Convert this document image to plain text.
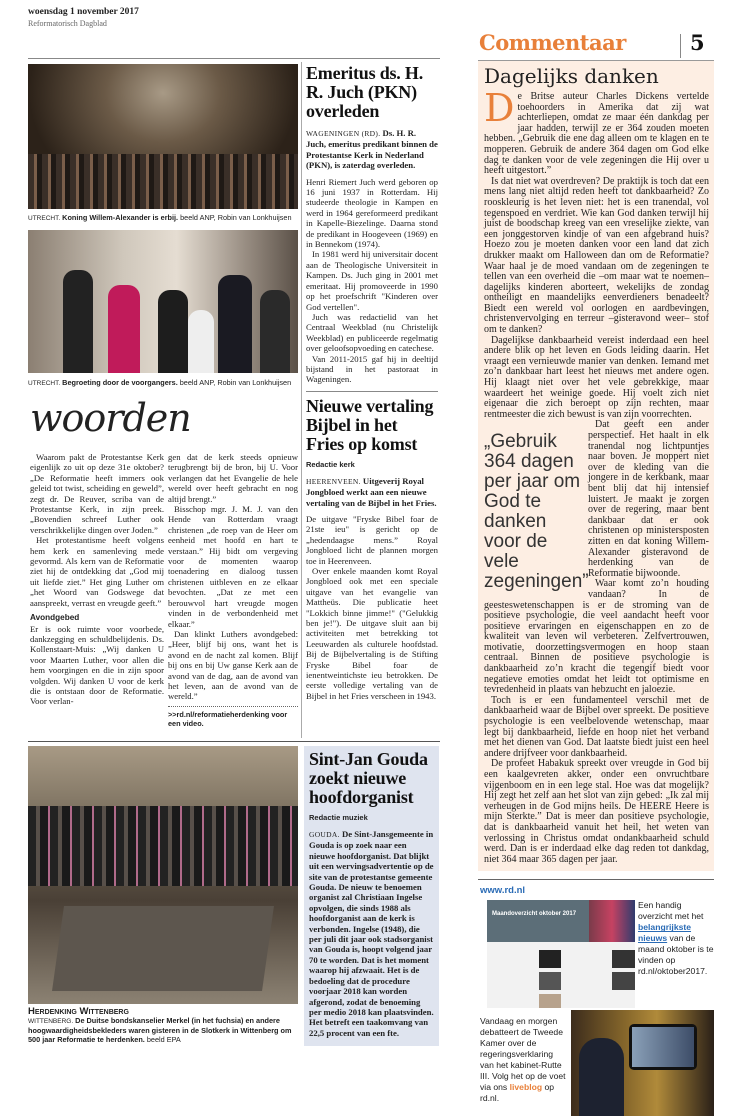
woensdag 1 november 2017
Reformatorisch Dagblad
UTRECHT. Koning Willem-Alexander is erbij. beeld ANP, Robin van Lonkhuijsen
UTRECHT. Begroeting door de voorgangers. beeld ANP, Robin van Lonkhuijsen
woorden

Waarom pakt de Protestantse Kerk eigenlijk zo uit op deze 31e oktober? „De Reformatie heeft immers ook geleid tot twist, scheiding en geweld”, zegt dr. De Reuver, scriba van de Protestantse Kerk, in zijn preek. „Bovendien schreef Luther ook verschrikkelijke dingen over Joden.”

Het protestantisme heeft volgens hem kerk en samenleving mede gevormd. Als kern van de Reformatie ziet hij de ontdekking dat „God mij uit liefde ziet.” Het ging Luther om „het Woord van Godswege dat aanspreekt, verrast en vreugde geeft.”

Avondgebed

Er is ook ruimte voor voorbede, dankzegging en schuldbelijdenis. Ds. Kollenstaart-Muis: „Wij danken U voor Maarten Luther, voor allen die hem voorgingen en die in zijn spoor volgden. Wij danken U voor de kerk die is ontstaan door de Reformatie. Voor verlan-

gen dat de kerk steeds opnieuw terugbrengt bij de bron, bij U. Voor verlangen dat het Evangelie de hele wereld over heeft gebracht en nog altijd brengt.”

Bisschop mgr. J. M. J. van den Hende van Rotterdam vraagt christenen „de roep van de Heer om eenheid met hoofd en hart te verstaan.” Hij bidt om vergeving voor de momenten waarop toenadering en dialoog tussen christenen uitbleven en ze elkaar bevochten. „Dat ze met een berouwvol hart vreugde mogen vinden in de verbondenheid met elkaar.”

Dan klinkt Luthers avondgebed: „Heer, blijf bij ons, want het is avond en de nacht zal komen. Blijf bij ons en bij Uw ganse Kerk aan de avond van de dag, aan de avond van het leven, aan de avond van de wereld.”

>>rd.nl/reformatieherdenking voor een video.
Emeritus ds. H. R. Juch (PKN) overleden
WAGENINGEN (RD). Ds. H. R. Juch, emeritus predikant binnen de Protestantse Kerk in Nederland (PKN), is zaterdag overleden.

Henri Riemert Juch werd geboren op 16 juni 1937 in Rotterdam. Hij studeerde theologie in Kampen en werd in 1964 gereformeerd predikant in Kapelle-Biezelinge. Daarna stond de predikant in Hoogeveen (1969) en in Bennekom (1974).

In 1981 werd hij universitair docent aan de Theologische Universiteit in Kampen. Ds. Juch ging in 2001 met emeritaat. Hij promoveerde in 1990 op het proefschrift "Kinderen over God vertellen".

Juch was redactielid van het Centraal Weekblad (nu Christelijk Weekblad) en publiceerde regelmatig over geloofsopvoeding en catechese.

Van 2011-2015 gaf hij in deeltijd bijstand in het pastoraat in Wageningen.

Nieuwe vertaling Bijbel in het Fries op komst
Redactie kerk
HEERENVEEN. Uitgeverij Royal Jongbloed werkt aan een nieuwe vertaling van de Bijbel in het Fries.

De uitgave "Fryske Bibel foar de 21ste ieu" is gericht op de „hedendaagse mens.” Royal Jongbloed licht de plannen morgen toe in Heerenveen.

Over enkele maanden komt Royal Jongbloed ook met een speciale uitgave van het evangelie van Mattheüs. Die publicatie heet "Lokkich binne jimme!" ("Gelukkig ben je!"). De uitgave sluit aan bij activiteiten met betrekking tot Leeuwarden als culturele hoofdstad. Bij de Bijbelvertaling is de Stifting Fryske Bibel foar de ienentweintichste ieu betrokken. De eerste volledige vertaling van de Bijbel in het Fries verscheen in 1943.

Herdenking Wittenberg
WITTENBERG. De Duitse bondskanselier Merkel (in het fuchsia) en andere hoogwaardigheidsbekleders waren gisteren in de Slotkerk in Wittenberg om 500 jaar Reformatie te herdenken. beeld EPA
Sint-Jan Gouda zoekt nieuwe hoofdorganist
Redactie muziek
GOUDA. De Sint-Jansgemeente in Gouda is op zoek naar een nieuwe hoofdorganist. Dat blijkt uit een wervingsadvertentie op de site van de protestantse gemeente Gouda. De nieuw te benoemen organist zal Christiaan Ingelse opvolgen, die sinds 1988 als hoofdorganist aan de kerk is verbonden. Ingelse (1948), die per juli dit jaar ook stadsorganist van Gouda is, hoopt volgend jaar 70 te worden. Dat is het moment waarop hij afzwaait. Het is de bedoeling dat de procedure voorjaar 2018 kan worden afgerond, zodat de benoeming per medio 2018 kan plaatsvinden. Het betreft een taakomvang van 22,5 procent van een fte.
Commentaar	5
Dagelijks danken
D e Britse auteur Charles Dickens vertelde toehoorders in Amerika dat zij wat achterliepen, omdat ze maar één dankdag per jaar hadden, terwijl ze er 364 zouden moeten hebben. „Gebruik die ene dag alleen om te klagen en te mopperen. Gebruik de andere 364 dagen om God elke dag te danken voor de vele zegeningen die Hij over u heeft uitgestort.”

Is dat niet wat overdreven? De praktijk is toch dat een mens lang niet altijd reden heeft tot dankbaarheid? Zo rooskleurig is het leven niet: het is een tranendal, vol tegenspoed en verdriet. Wie kan God danken terwijl hij juist de boodschap kreeg van een vreselijke ziekte, van een jonggestorven kindje of van een afgebrand huis? Hoezo zou je moeten danken voor een land dat zich drukker maakt om Halloween dan om de Reformatie? Waar haal je de moed vandaan om de zegeningen te tellen van een overheid die –om maar wat te noemen– dagelijks kinderen aborteert, wekelijks de zondag ontheiligt en maandelijks eenverdieners benadeelt? Biedt een wereld vol oorlogen en aardbevingen, christenvervolging en terreur –gisteravond weer– stof om te danken?

Dagelijkse dankbaarheid vereist inderdaad een heel andere blik op het leven en Gods leiding daarin. Het vraagt een vernieuwde manier van denken. Iemand met zo’n dankbaar hart leest het nieuws met andere ogen. Hij klaagt niet over het vele gebrekkige, maar waardeert het weinige goede. Hij voelt zich niet eigenaar die zich beroept op zijn rechten, maar rentmeester die zich bewust is van zijn voorrechten.

„Gebruik 364 dagen per jaar om God te danken voor de vele zegeningen”

Dat geeft een ander perspectief. Het haalt in elk tranendal nog lichtpuntjes naar boven. Je moppert niet over de kleding van die jongere in de kerkbank, maar bent blij dat hij intensief luistert. Je maakt je zorgen over de regering, maar bent dankbaar dat er ook christenen op ministersposten zitten en dat koning Willem-Alexander gisteravond de herdenking van de Reformatie bijwoonde.

Waar komt zo’n houding vandaan? In de geesteswetenschappen is er de stroming van de positieve psychologie, die veel aandacht heeft voor positieve ervaringen en eigenschappen en zo de kwaliteit van leven wil verbeteren. Zelfvertrouwen, motivatie, doorzettingsvermogen en hoop staan centraal. Binnen de positieve psychologie is dankbaarheid zo’n kracht die tegengif biedt voor negatieve emoties omdat het leidt tot optimisme en tevredenheid in plaats van hebzucht en jaloezie.

Toch is er een fundamenteel verschil met de dankbaarheid waar de Bijbel over spreekt. De positieve psychologie is een veelbelovende wetenschap, maar legt bij dankbaarheid, liefde en hoop niet het verband met het dienen van God. Dat laatste biedt juist een heel andere drijfveer voor dankbaarheid.

De profeet Habakuk spreekt over vreugde in God bij een kaalgevreten akker, onder een onvruchtbare vijgenboom en in een lege stal. Hoe was dat mogelijk? Hij zegt het zelf aan het slot van zijn gebed: „Ik zal mij verheugen in de God mijns heils. De HEERE Heere is mijn Sterkte.” Dat is meer dan positieve psychologie, dat is dankbaarheid vanuit het heil, het weten van verlossing in Christus omdat ondankbaarheid schuld werd. Dan is er inderdaad elke dag reden tot dankdag, niet 364 maar 365 dagen per jaar.

www.rd.nl
Maandoverzicht oktober 2017
Een handig overzicht met het belangrijkste nieuws van de maand oktober is te vinden op rd.nl/oktober2017.
Vandaag en morgen debatteert de Tweede Kamer over de regeringsverklaring van het kabinet-Rutte III. Volg het op de voet via ons liveblog op rd.nl.
